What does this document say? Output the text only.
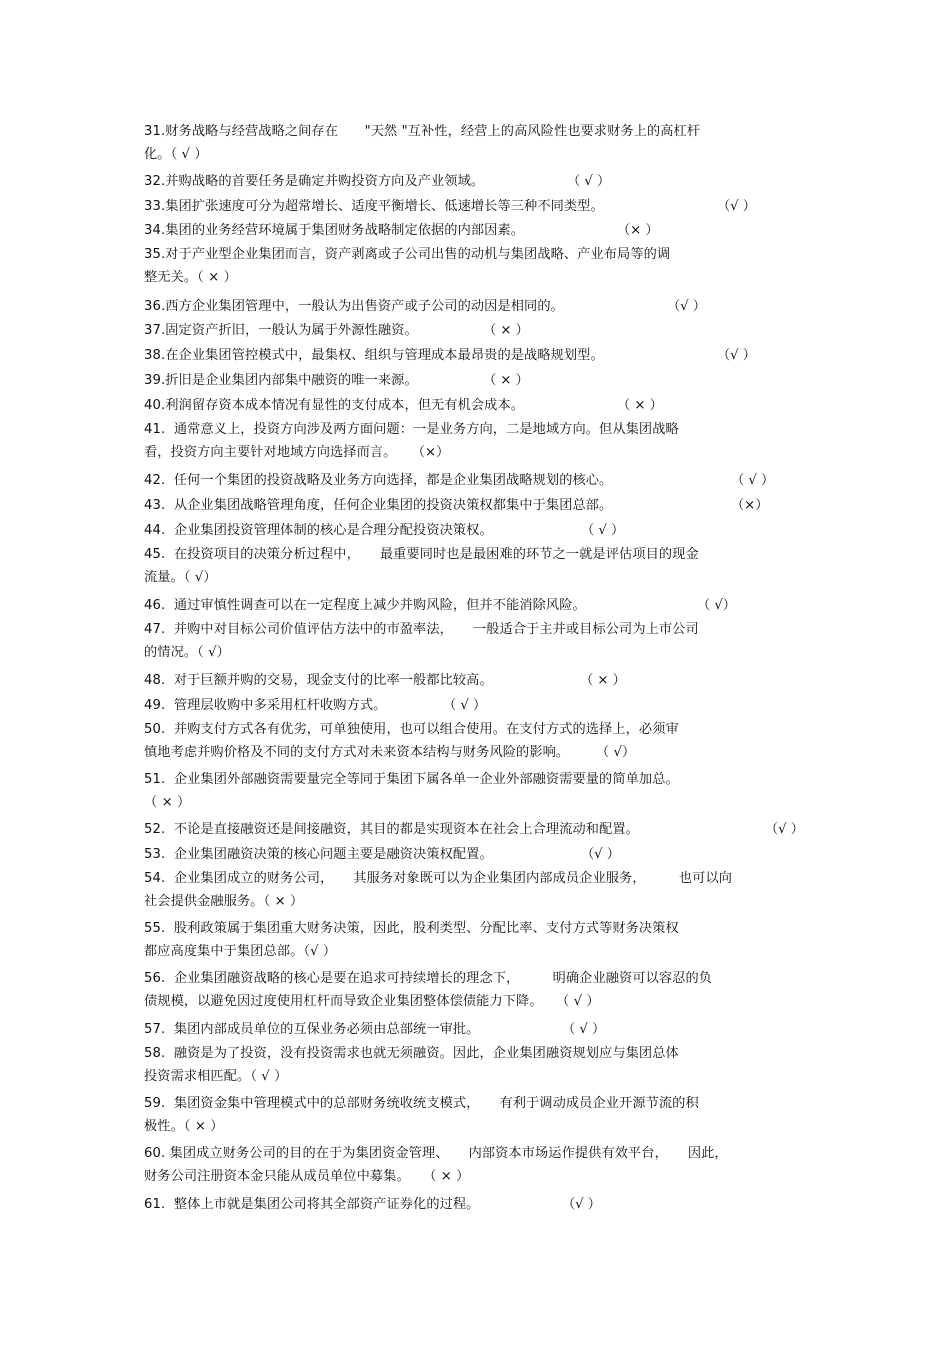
31.财务战略与经营战略之间存在　　"天然 "互补性，经营上的高风险性也要求财务上的高杠杆
化。（ √ ）
32.并购战略的首要任务是确定并购投资方向及产业领域。	（ √ ）
33.集团扩张速度可分为超常增长、适度平衡增长、低速增长等三种不同类型。	（√ ）
34.集团的业务经营环境属于集团财务战略制定依据的内部因素。	（× ）
35.对于产业型企业集团而言，资产剥离或子公司出售的动机与集团战略、产业布局等的调
整无关。（ × ）
36.西方企业集团管理中，一般认为出售资产或子公司的动因是相同的。	（√ ）
37.固定资产折旧，一般认为属于外源性融资。	（ × ）
38.在企业集团管控模式中，最集权、组织与管理成本最昂贵的是战略规划型。	（√ ）
39.折旧是企业集团内部集中融资的唯一来源。	（ × ）
40.利润留存资本成本情况有显性的支付成本，但无有机会成本。	（ × ）
41.  通常意义上，投资方向涉及两方面问题：一是业务方向，二是地域方向。但从集团战略
看，投资方向主要针对地域方向选择而言。　  （×）
42.  任何一个集团的投资战略及业务方向选择，都是企业集团战略规划的核心。	（ √ ）
43.  从企业集团战略管理角度，任何企业集团的投资决策权都集中于集团总部。	（×）
44.  企业集团投资管理体制的核心是合理分配投资决策权。	（ √ ）
45.  在投资项目的决策分析过程中，　　最重要同时也是最困难的环节之一就是评估项目的现金
流量。（ √）
46.  通过审慎性调查可以在一定程度上减少并购风险，但并不能消除风险。	（ √）
47.  并购中对目标公司价值评估方法中的市盈率法，　　一般适合于主并或目标公司为上市公司
的情况。（ √）
48.  对于巨额并购的交易，现金支付的比率一般都比较高。	（ × ）
49.  管理层收购中多采用杠杆收购方式。	（ √ ）
50.  并购支付方式各有优劣，可单独使用，也可以组合使用。在支付方式的选择上，必须审
慎地考虑并购价格及不同的支付方式对未来资本结构与财务风险的影响。　　　（ √）
51.  企业集团外部融资需要量完全等同于集团下属各单一企业外部融资需要量的简单加总。
（ × ）
52.  不论是直接融资还是间接融资，其目的都是实现资本在社会上合理流动和配置。	（√ ）
53.  企业集团融资决策的核心问题主要是融资决策权配置。	（√ ）
54.  企业集团成立的财务公司，　　其服务对象既可以为企业集团内部成员企业服务，　　　也可以向
社会提供金融服务。（ × ）
55.  股利政策属于集团重大财务决策，因此，股利类型、分配比率、支付方式等财务决策权
都应高度集中于集团总部。（√ ）
56.  企业集团融资战略的核心是要在追求可持续增长的理念下，　　　明确企业融资可以容忍的负
债规模，以避免因过度使用杠杆而导致企业集团整体偿债能力下降。　　（ √ ）
57.  集团内部成员单位的互保业务必须由总部统一审批。	（ √ ）
58.  融资是为了投资，没有投资需求也就无须融资。因此，企业集团融资规划应与集团总体
投资需求相匹配。（ √ ）
59.  集团资金集中管理模式中的总部财务统收统支模式，　　有利于调动成员企业开源节流的积
极性。（ × ）
60. 集团成立财务公司的目的在于为集团资金管理、　　内部资本市场运作提供有效平台，　　因此，
财务公司注册资本金只能从成员单位中募集。　　（ × ）
61.  整体上市就是集团公司将其全部资产证券化的过程。	（√ ）
